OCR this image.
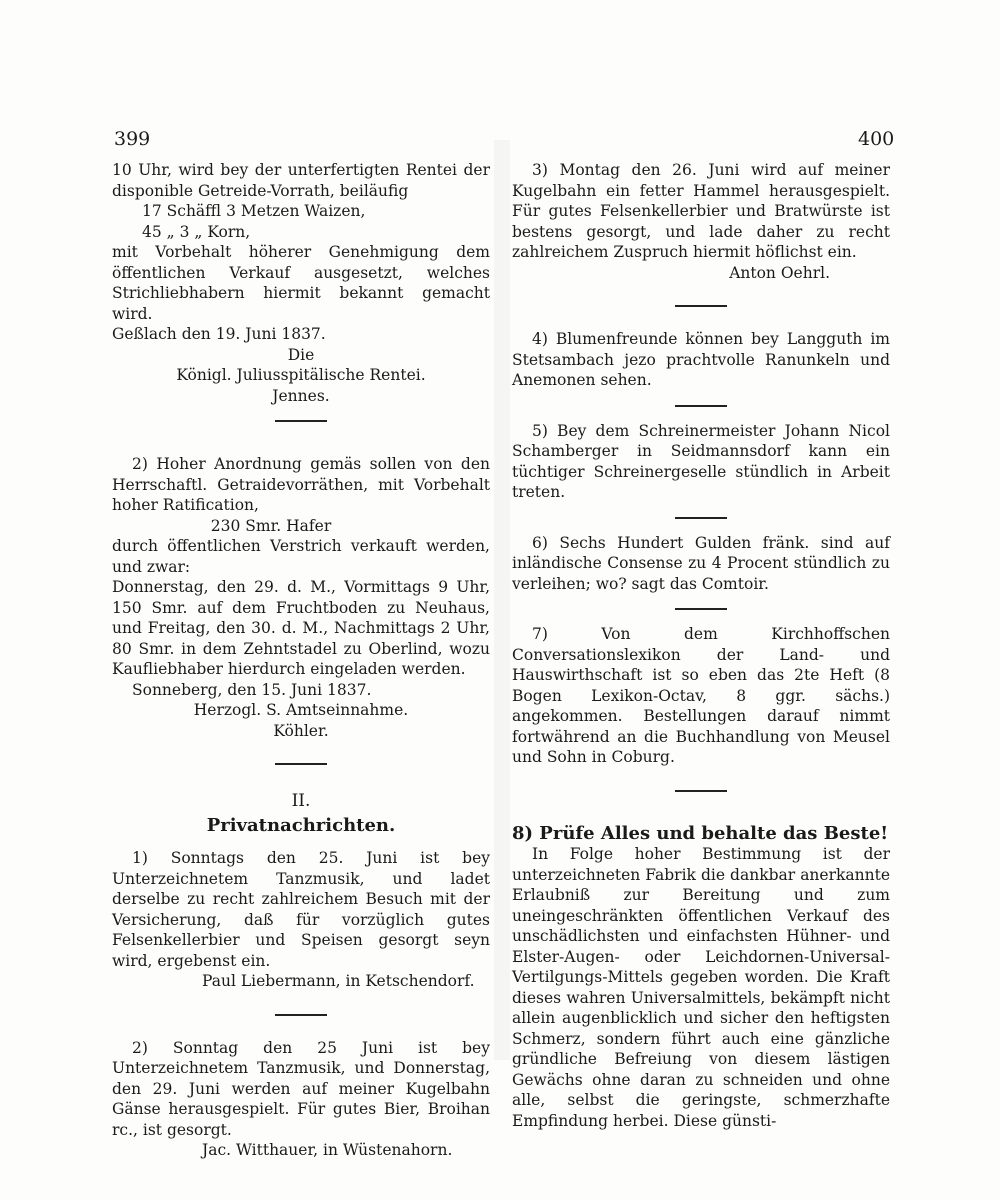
399	400

10 Uhr, wird bey der unterfertigten Rentei der disponible Getreide-Vorrath, beiläufig

17 Schäffl 3 Metzen Waizen,

45 „ 3 „ Korn,

mit Vorbehalt höherer Genehmigung dem öffentlichen Verkauf ausgesetzt, welches Strichliebhabern hiermit bekannt gemacht wird.

Geßlach den 19. Juni 1837.

Die

Königl. Juliusspitälische Rentei.

Jennes.

2) Hoher Anordnung gemäs sollen von den Herrschaftl. Getraidevorräthen, mit Vorbehalt hoher Ratification,

230 Smr. Hafer

durch öffentlichen Verstrich verkauft werden, und zwar:

Donnerstag, den 29. d. M., Vormittags 9 Uhr, 150 Smr. auf dem Fruchtboden zu Neuhaus, und Freitag, den 30. d. M., Nachmittags 2 Uhr, 80 Smr. in dem Zehntstadel zu Oberlind, wozu Kaufliebhaber hierdurch eingeladen werden.

Sonneberg, den 15. Juni 1837.

Herzogl. S. Amtseinnahme.

Köhler.

II.
Privatnachrichten.

1) Sonntags den 25. Juni ist bey Unterzeichnetem Tanzmusik, und ladet derselbe zu recht zahlreichem Besuch mit der Versicherung, daß für vorzüglich gutes Felsenkellerbier und Speisen gesorgt seyn wird, ergebenst ein.

Paul Liebermann, in Ketschendorf.

2) Sonntag den 25 Juni ist bey Unterzeichnetem Tanzmusik, und Donnerstag, den 29. Juni werden auf meiner Kugelbahn Gänse herausgespielt. Für gutes Bier, Broihan rc., ist gesorgt.

Jac. Witthauer, in Wüstenahorn.

3) Montag den 26. Juni wird auf meiner Kugelbahn ein fetter Hammel herausgespielt. Für gutes Felsenkellerbier und Bratwürste ist bestens gesorgt, und lade daher zu recht zahlreichem Zuspruch hiermit höflichst ein.

Anton Oehrl.

4) Blumenfreunde können bey Langguth im Stetsambach jezo prachtvolle Ranunkeln und Anemonen sehen.

5) Bey dem Schreinermeister Johann Nicol Schamberger in Seidmannsdorf kann ein tüchtiger Schreinergeselle stündlich in Arbeit treten.

6) Sechs Hundert Gulden fränk. sind auf inländische Consense zu 4 Procent stündlich zu verleihen; wo? sagt das Comtoir.

7) Von dem Kirchhoffschen Conversationslexikon der Land- und Hauswirthschaft ist so eben das 2te Heft (8 Bogen Lexikon-Octav, 8 ggr. sächs.) angekommen. Bestellungen darauf nimmt fortwährend an die Buchhandlung von Meusel und Sohn in Coburg.

8) Prüfe Alles und behalte das Beste!

In Folge hoher Bestimmung ist der unterzeichneten Fabrik die dankbar anerkannte Erlaubniß zur Bereitung und zum uneingeschränkten öffentlichen Verkauf des unschädlichsten und einfachsten Hühner- und Elster-Augen- oder Leichdornen-Universal-Vertilgungs-Mittels gegeben worden. Die Kraft dieses wahren Universalmittels, bekämpft nicht allein augenblicklich und sicher den heftigsten Schmerz, sondern führt auch eine gänzliche gründliche Befreiung von diesem lästigen Gewächs ohne daran zu schneiden und ohne alle, selbst die geringste, schmerzhafte Empfindung herbei. Diese günsti-
